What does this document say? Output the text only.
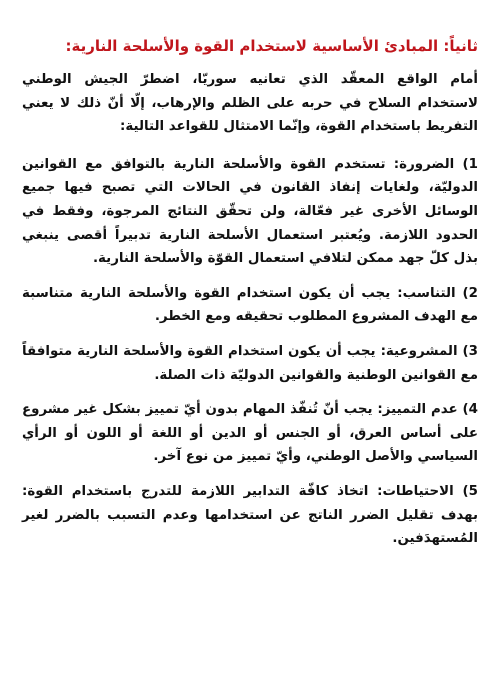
ثانياً: المبادئ الأساسية لاستخدام القوة والأسلحة النارية:

أمام الواقع المعقّد الذي تعانيه سوريّا، اضطرّ الجيش الوطني لاستخدام السلاح في حربه على الظلم والإرهاب، إلّا أنّ ذلك لا يعني التفريط باستخدام القوة، وإنّما الامتثال للقواعد التالية:

1) الضرورة: تستخدم القوة والأسلحة النارية بالتوافق مع القوانين الدوليّة، ولغايات إنفاذ القانون في الحالات التي تصبح فيها جميع الوسائل الأخرى غير فعّالة، ولن تحقّق النتائج المرجوة، وفقط في الحدود اللازمة. ويُعتبر استعمال الأسلحة النارية تدبيراً أقصى ينبغي بذل كلّ جهد ممكن لتلافي استعمال القوّة والأسلحة النارية.

2) التناسب: يجب أن يكون استخدام القوة والأسلحة النارية متناسبة مع الهدف المشروع المطلوب تحقيقه ومع الخطر.

3) المشروعية: يجب أن يكون استخدام القوة والأسلحة النارية متوافقاً مع القوانين الوطنية والقوانين الدوليّة ذات الصلة.

4) عدم التمييز: يجب أنّ تُنفّذ المهام بدون أيّ تمييز بشكل غير مشروع على أساس العرق، أو الجنس أو الدين أو اللغة أو اللون أو الرأي السياسي والأصل الوطني، وأيّ تمييز من نوع آخر.

5) الاحتياطات: اتخاذ كافّة التدابير اللازمة للتدرج باستخدام القوة: بهدف تقليل الضرر الناتج عن استخدامها وعدم التسبب بالضرر لغير المُستهدَفين.
